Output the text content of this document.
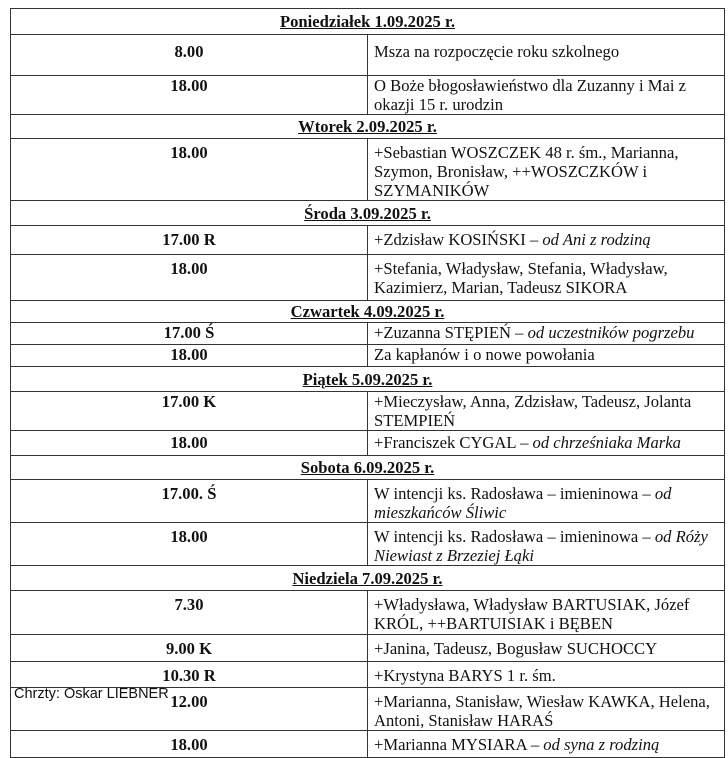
Poniedziałek 1.09.2025 r.	
8.00	Msza na rozpoczęcie roku szkolnego
18.00	O Boże błogosławieństwo dla Zuzanny i Mai z okazji 15 r. urodzin
Wtorek 2.09.2025 r.	
18.00	+Sebastian WOSZCZEK 48 r. śm., Marianna, Szymon, Bronisław, ++WOSZCZKÓW i SZYMANIKÓW
Środa 3.09.2025 r.	
17.00 R	+Zdzisław KOSIŃSKI – od Ani z rodziną
18.00	+Stefania, Władysław, Stefania, Władysław, Kazimierz, Marian, Tadeusz SIKORA
Czwartek 4.09.2025 r.	
17.00 Ś	+Zuzanna STĘPIEŃ – od uczestników pogrzebu
18.00	Za kapłanów i o nowe powołania
Piątek 5.09.2025 r.	
17.00 K	+Mieczysław, Anna, Zdzisław, Tadeusz, Jolanta STEMPIEŃ
18.00	+Franciszek CYGAL – od chrześniaka Marka
Sobota 6.09.2025 r.	
17.00. Ś	W intencji ks. Radosława – imieninowa – od mieszkańców Śliwic
18.00	W intencji ks. Radosława – imieninowa – od Róży Niewiast z Brzeziej Łąki
Niedziela 7.09.2025 r.	
7.30	+Władysława, Władysław BARTUSIAK, Józef KRÓL, ++BARTUISIAK i BĘBEN
9.00 K	+Janina, Tadeusz, Bogusław SUCHOCCY
10.30 R	+Krystyna BARYS 1 r. śm.
12.00	+Marianna, Stanisław, Wiesław KAWKA, Helena, Antoni, Stanisław HARAŚ
18.00	+Marianna MYSIARA – od syna z rodziną
Chrzty: Oskar LIEBNER
